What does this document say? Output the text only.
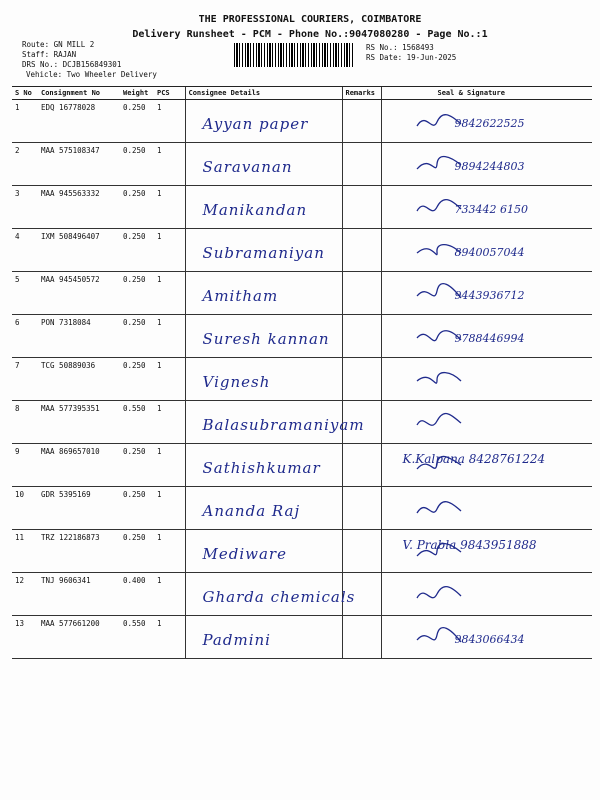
THE PROFESSIONAL COURIERS, COIMBATORE
Delivery Runsheet - PCM - Phone No.:9047080280 - Page No.:1
Route: GN MILL 2
Staff: RAJAN
DRS No.: DCJB156849301
Vehicle: Two Wheeler Delivery
RS No.: 1568493
RS Date: 19-Jun-2025
S No	Consignment No	Weight	PCS	Consignee Details	Remarks	Seal & Signature
1	EDQ 16778028	0.250	1	Ayyan paper		9842622525

2	MAA 575108347	0.250	1	Saravanan		9894244803

3	MAA 945563332	0.250	1	Manikandan		733442 6150

4	IXM 508496407	0.250	1	Subramaniyan		8940057044

5	MAA 945450572	0.250	1	Amitham		9443936712

6	PON 7318084	0.250	1	Suresh kannan		9788446994

7	TCG 50889036	0.250	1	Vignesh

8	MAA 577395351	0.550	1	Balasubramaniyam

9	MAA 869657010	0.250	1	Sathishkumar		K.Kalpana 8428761224

10	GDR 5395169	0.250	1	Ananda Raj

11	TRZ 122186873	0.250	1	Mediware		V. Prabla 9843951888

12	TNJ 9606341	0.400	1	Gharda chemicals

13	MAA 577661200	0.550	1	Padmini		9843066434
